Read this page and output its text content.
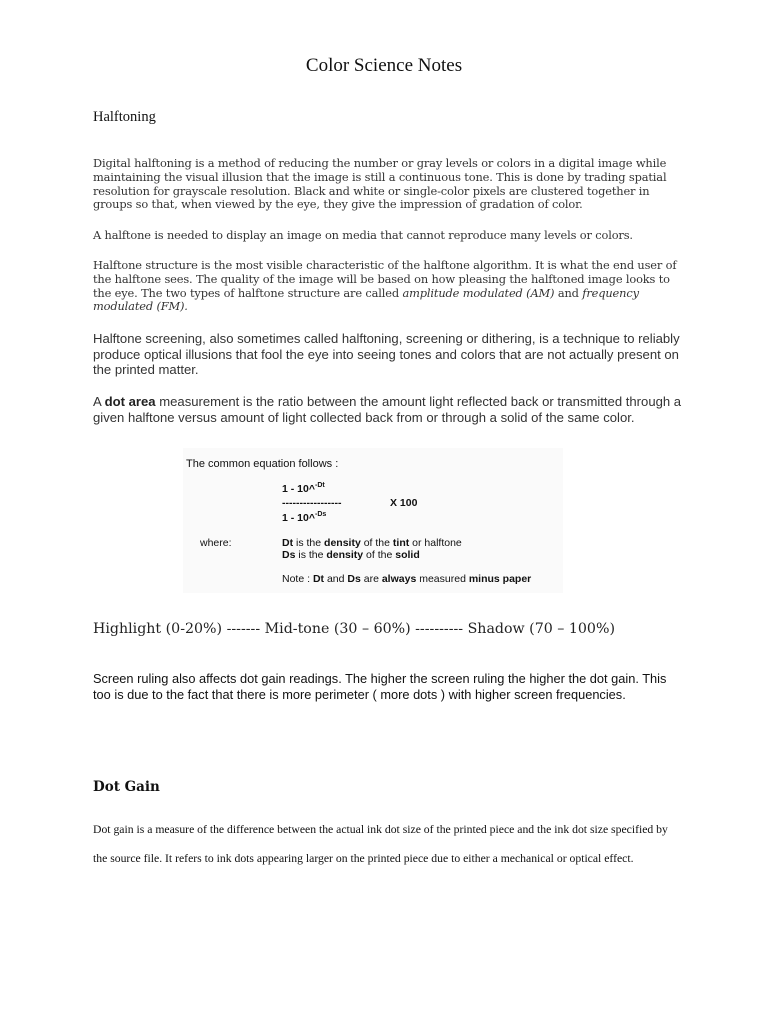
Color Science Notes
Halftoning

Digital halftoning is a method of reducing the number or gray levels or colors in a digital image while maintaining the visual illusion that the image is still a continuous tone. This is done by trading spatial resolution for grayscale resolution. Black and white or single-color pixels are clustered together in groups so that, when viewed by the eye, they give the impression of gradation of color.

A halftone is needed to display an image on media that cannot reproduce many levels or colors.

Halftone structure is the most visible characteristic of the halftone algorithm. It is what the end user of the halftone sees. The quality of the image will be based on how pleasing the halftoned image looks to the eye. The two types of halftone structure are called amplitude modulated (AM) and frequency modulated (FM).

Halftone screening, also sometimes called halftoning, screening or dithering, is a technique to reliably produce optical illusions that fool the eye into seeing tones and colors that are not actually present on the printed matter.

A dot area measurement is the ratio between the amount light reflected back or transmitted through a given halftone versus amount of light collected back from or through a solid of the same color.

The common equation follows :
1 - 10^$^{-Dt}$
-----------------	X 100
1 - 10^$^{-Ds}$
where:	Dt is the density of the tint or halftone
Ds is the density of the solid
Note : Dt and Ds are always measured minus paper
Highlight (0-20%) ------- Mid-tone (30 – 60%) ---------- Shadow (70 – 100%)

Screen ruling also affects dot gain readings. The higher the screen ruling the higher the dot gain. This too is due to the fact that there is more perimeter ( more dots ) with higher screen frequencies.

Dot Gain

Dot gain is a measure of the difference between the actual ink dot size of the printed piece and the ink dot size specified by the source file. It refers to ink dots appearing larger on the printed piece due to either a mechanical or optical effect.
